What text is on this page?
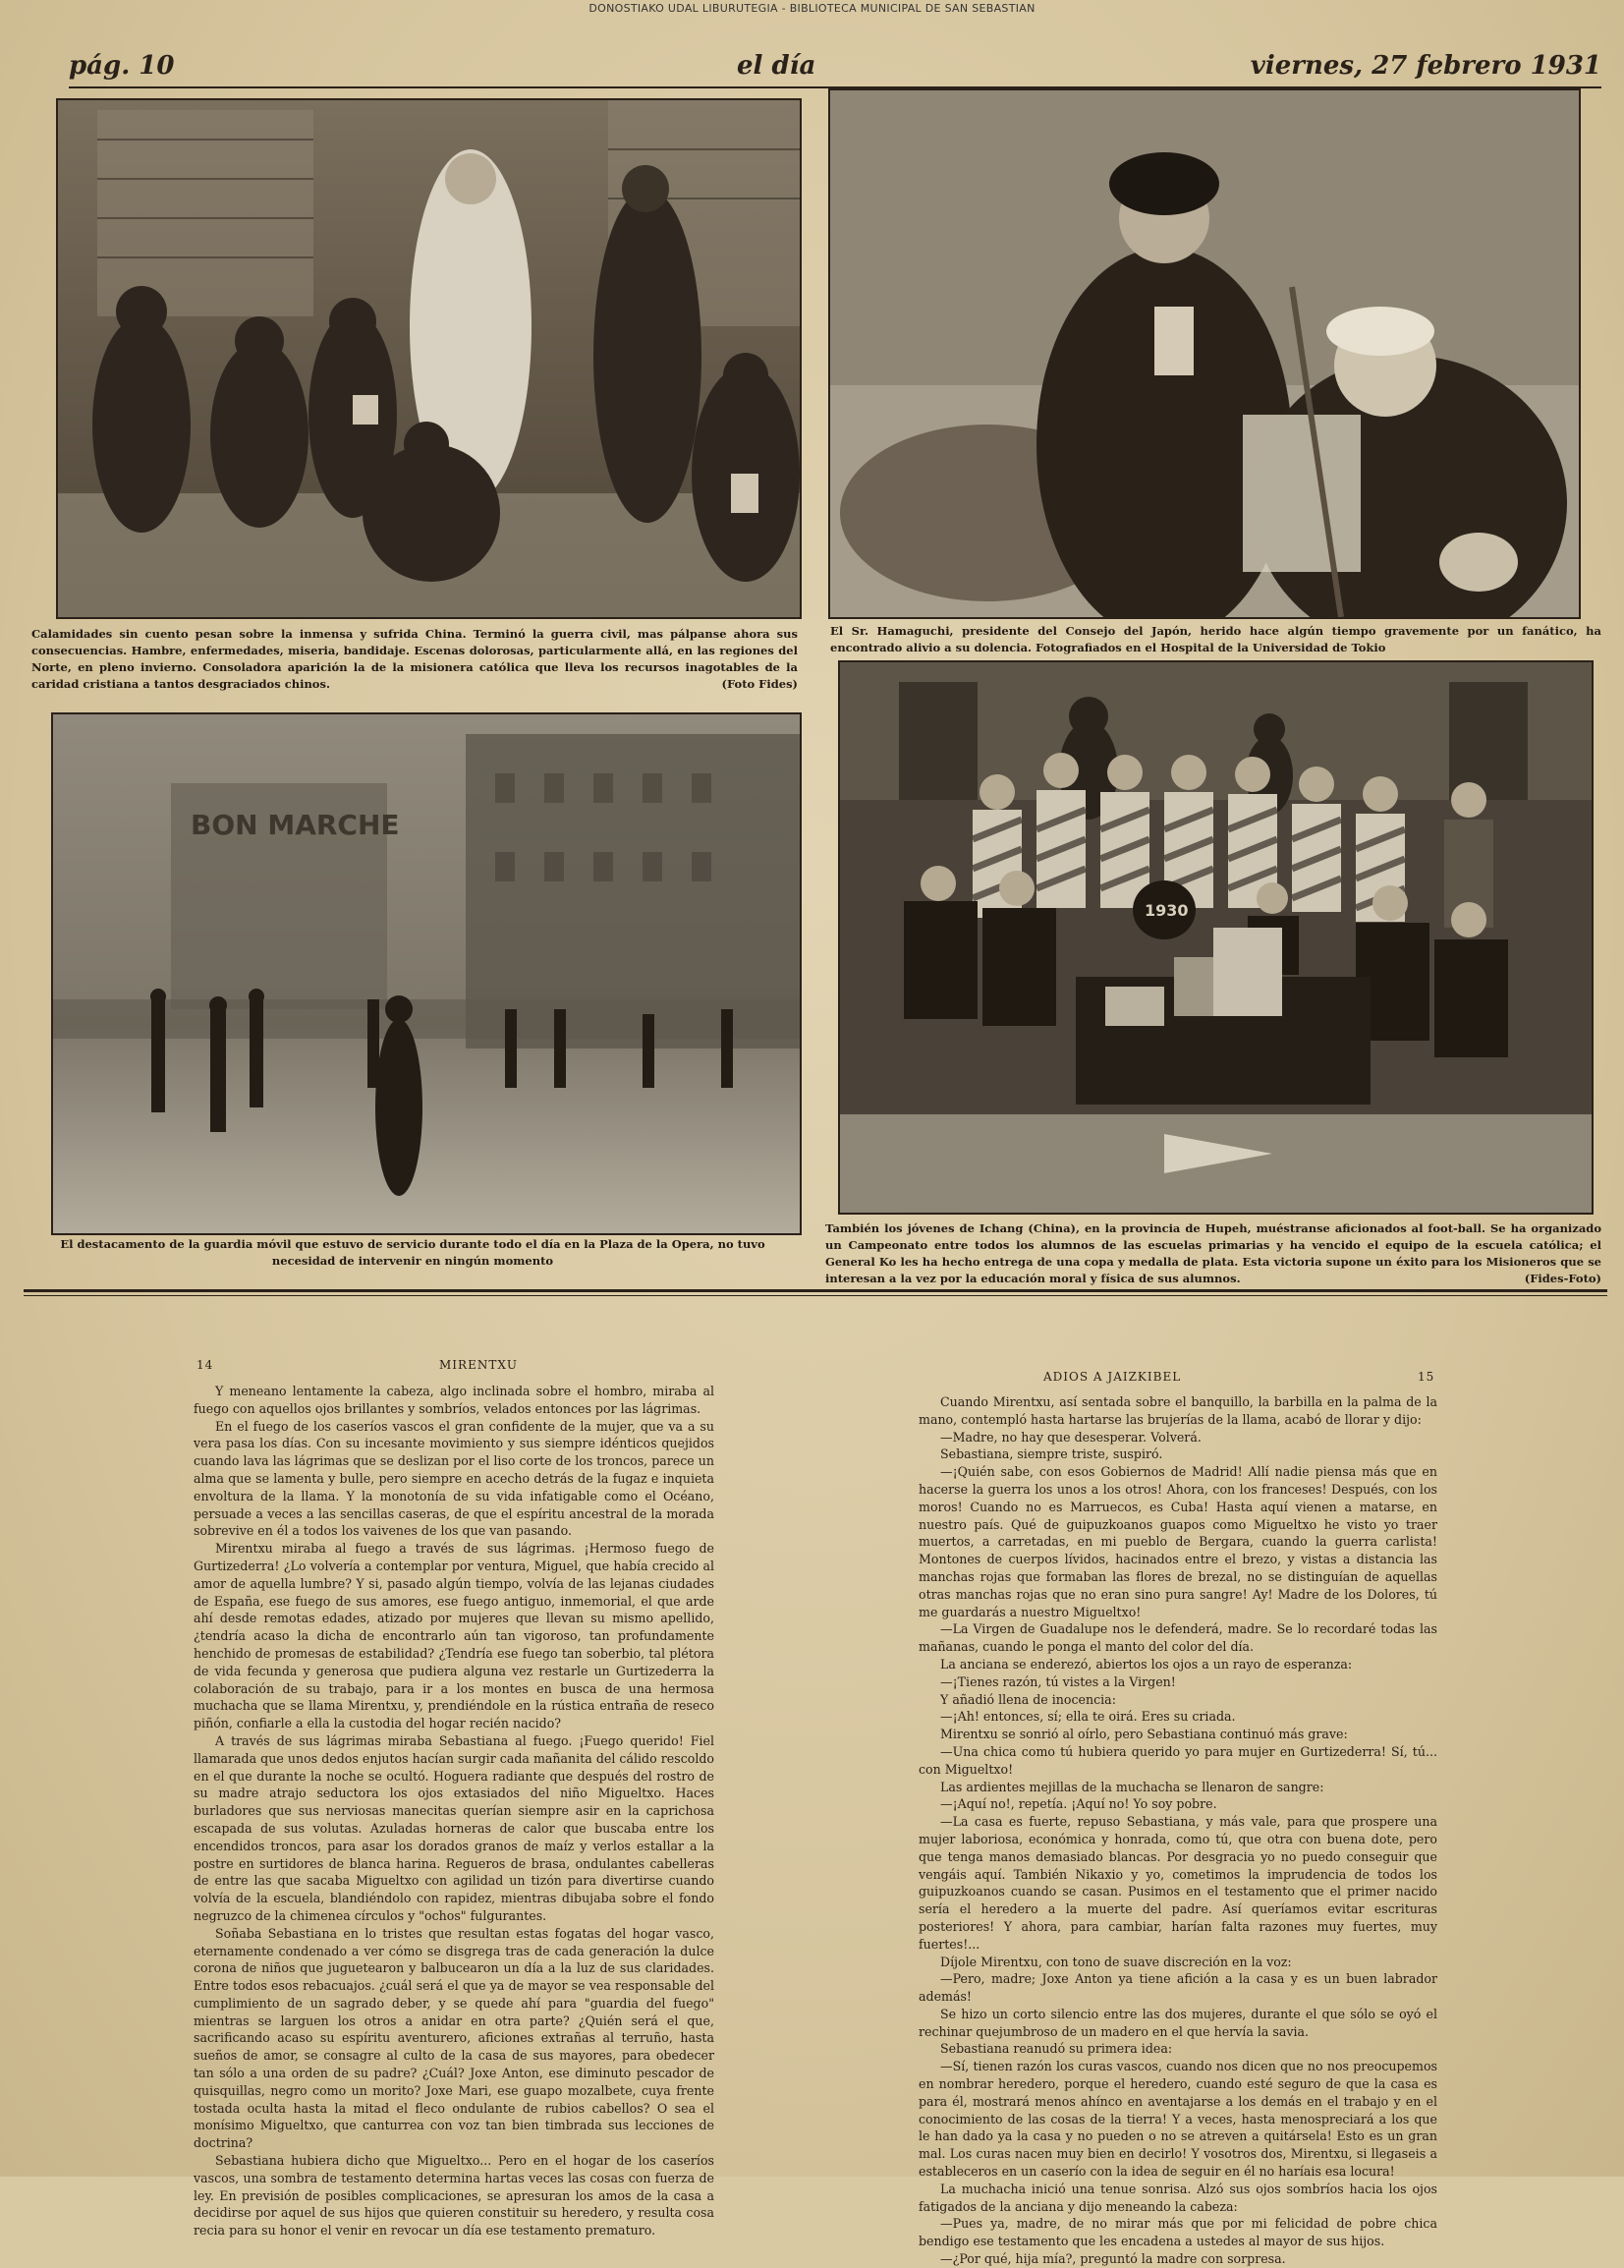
DONOSTIAKO UDAL LIBURUTEGIA - BIBLIOTECA MUNICIPAL DE SAN SEBASTIAN
pág. 10	el día	viernes, 27 febrero 1931

Calamidades sin cuento pesan sobre la inmensa y sufrida China. Terminó la guerra civil, mas pálpanse ahora sus consecuencias. Hambre, enfermedades, miseria, bandidaje. Escenas dolorosas, particularmente allá, en las regiones del Norte, en pleno invierno. Consoladora aparición la de la misionera católica que lleva los recursos inagotables de la caridad cristiana a tantos desgraciados chinos.	(Foto Fides)

El Sr. Hamaguchi, presidente del Consejo del Japón, herido hace algún tiempo gravemente por un fanático, ha encontrado alivio a su dolencia. Fotografiados en el Hospital de la Universidad de Tokio

BON MARCHE

El destacamento de la guardia móvil que estuvo de servicio durante todo el día en la Plaza de la Opera, no tuvo necesidad de intervenir en ningún momento

1930

También los jóvenes de Ichang (China), en la provincia de Hupeh, muéstranse aficionados al foot-ball. Se ha organizado un Campeonato entre todos los alumnos de las escuelas primarias y ha vencido el equipo de la escuela católica; el General Ko les ha hecho entrega de una copa y medalla de plata. Esta victoria supone un éxito para los Misioneros que se interesan a la vez por la educación moral y física de sus alumnos.	(Fides-Foto)

14	MIRENTXU

Y meneano lentamente la cabeza, algo inclinada sobre el hombro, miraba al fuego con aquellos ojos brillantes y sombríos, velados entonces por las lágrimas.

En el fuego de los caseríos vascos el gran confidente de la mujer, que va a su vera pasa los días. Con su incesante movimiento y sus siempre idénticos quejidos cuando lava las lágrimas que se deslizan por el liso corte de los troncos, parece un alma que se lamenta y bulle, pero siempre en acecho detrás de la fugaz e inquieta envoltura de la llama. Y la monotonía de su vida infatigable como el Océano, persuade a veces a las sencillas caseras, de que el espíritu ancestral de la morada sobrevive en él a todos los vaivenes de los que van pasando.

Mirentxu miraba al fuego a través de sus lágrimas. ¡Hermoso fuego de Gurtizederra! ¿Lo volvería a contemplar por ventura, Miguel, que había crecido al amor de aquella lumbre? Y si, pasado algún tiempo, volvía de las lejanas ciudades de España, ese fuego de sus amores, ese fuego antiguo, inmemorial, el que arde ahí desde remotas edades, atizado por mujeres que llevan su mismo apellido, ¿tendría acaso la dicha de encontrarlo aún tan vigoroso, tan profundamente henchido de promesas de estabilidad? ¿Tendría ese fuego tan soberbio, tal plétora de vida fecunda y generosa que pudiera alguna vez restarle un Gurtizederra la colaboración de su trabajo, para ir a los montes en busca de una hermosa muchacha que se llama Mirentxu, y, prendiéndole en la rústica entraña de reseco piñón, confiarle a ella la custodia del hogar recién nacido?

A través de sus lágrimas miraba Sebastiana al fuego. ¡Fuego querido! Fiel llamarada que unos dedos enjutos hacían surgir cada mañanita del cálido rescoldo en el que durante la noche se ocultó. Hoguera radiante que después del rostro de su madre atrajo seductora los ojos extasiados del niño Migueltxo. Haces burladores que sus nerviosas manecitas querían siempre asir en la caprichosa escapada de sus volutas. Azuladas horneras de calor que buscaba entre los encendidos troncos, para asar los dorados granos de maíz y verlos estallar a la postre en surtidores de blanca harina. Regueros de brasa, ondulantes cabelleras de entre las que sacaba Migueltxo con agilidad un tizón para divertirse cuando volvía de la escuela, blandiéndolo con rapidez, mientras dibujaba sobre el fondo negruzco de la chimenea círculos y "ochos" fulgurantes.

Soñaba Sebastiana en lo tristes que resultan estas fogatas del hogar vasco, eternamente condenado a ver cómo se disgrega tras de cada generación la dulce corona de niños que juguetearon y balbucearon un día a la luz de sus claridades. Entre todos esos rebacuajos. ¿cuál será el que ya de mayor se vea responsable del cumplimiento de un sagrado deber, y se quede ahí para "guardia del fuego" mientras se larguen los otros a anidar en otra parte? ¿Quién será el que, sacrificando acaso su espíritu aventurero, aficiones extrañas al terruño, hasta sueños de amor, se consagre al culto de la casa de sus mayores, para obedecer tan sólo a una orden de su padre? ¿Cuál? Joxe Anton, ese diminuto pescador de quisquillas, negro como un morito? Joxe Mari, ese guapo mozalbete, cuya frente tostada oculta hasta la mitad el fleco ondulante de rubios cabellos? O sea el monísimo Migueltxo, que canturrea con voz tan bien timbrada sus lecciones de doctrina?

Sebastiana hubiera dicho que Migueltxo... Pero en el hogar de los caseríos vascos, una sombra de testamento determina hartas veces las cosas con fuerza de ley. En previsión de posibles complicaciones, se apresuran los amos de la casa a decidirse por aquel de sus hijos que quieren constituir su heredero, y resulta cosa recia para su honor el venir en revocar un día ese testamento prematuro.

ADIOS A JAIZKIBEL	15

Cuando Mirentxu, así sentada sobre el banquillo, la barbilla en la palma de la mano, contempló hasta hartarse las brujerías de la llama, acabó de llorar y dijo:

—Madre, no hay que desesperar. Volverá.

Sebastiana, siempre triste, suspiró.

—¡Quién sabe, con esos Gobiernos de Madrid! Allí nadie piensa más que en hacerse la guerra los unos a los otros! Ahora, con los franceses! Después, con los moros! Cuando no es Marruecos, es Cuba! Hasta aquí vienen a matarse, en nuestro país. Qué de guipuzkoanos guapos como Migueltxo he visto yo traer muertos, a carretadas, en mi pueblo de Bergara, cuando la guerra carlista! Montones de cuerpos lívidos, hacinados entre el brezo, y vistas a distancia las manchas rojas que formaban las flores de brezal, no se distinguían de aquellas otras manchas rojas que no eran sino pura sangre! Ay! Madre de los Dolores, tú me guardarás a nuestro Migueltxo!

—La Virgen de Guadalupe nos le defenderá, madre. Se lo recordaré todas las mañanas, cuando le ponga el manto del color del día.

La anciana se enderezó, abiertos los ojos a un rayo de esperanza:

—¡Tienes razón, tú vistes a la Virgen!

Y añadió llena de inocencia:

—¡Ah! entonces, sí; ella te oirá. Eres su criada.

Mirentxu se sonrió al oírlo, pero Sebastiana continuó más grave:

—Una chica como tú hubiera querido yo para mujer en Gurtizederra! Sí, tú... con Migueltxo!

Las ardientes mejillas de la muchacha se llenaron de sangre:

—¡Aquí no!, repetía. ¡Aquí no! Yo soy pobre.

—La casa es fuerte, repuso Sebastiana, y más vale, para que prospere una mujer laboriosa, económica y honrada, como tú, que otra con buena dote, pero que tenga manos demasiado blancas. Por desgracia yo no puedo conseguir que vengáis aquí. También Nikaxio y yo, cometimos la imprudencia de todos los guipuzkoanos cuando se casan. Pusimos en el testamento que el primer nacido sería el heredero a la muerte del padre. Así queríamos evitar escrituras posteriores! Y ahora, para cambiar, harían falta razones muy fuertes, muy fuertes!...

Díjole Mirentxu, con tono de suave discreción en la voz:

—Pero, madre; Joxe Anton ya tiene afición a la casa y es un buen labrador además!

Se hizo un corto silencio entre las dos mujeres, durante el que sólo se oyó el rechinar quejumbroso de un madero en el que hervía la savia.

Sebastiana reanudó su primera idea:

—Sí, tienen razón los curas vascos, cuando nos dicen que no nos preocupemos en nombrar heredero, porque el heredero, cuando esté seguro de que la casa es para él, mostrará menos ahínco en aventajarse a los demás en el trabajo y en el conocimiento de las cosas de la tierra! Y a veces, hasta menospreciará a los que le han dado ya la casa y no pueden o no se atreven a quitársela! Esto es un gran mal. Los curas nacen muy bien en decirlo! Y vosotros dos, Mirentxu, si llegaseis a estableceros en un caserío con la idea de seguir en él no haríais esa locura!

La muchacha inició una tenue sonrisa. Alzó sus ojos sombríos hacia los ojos fatigados de la anciana y dijo meneando la cabeza:

—Pues ya, madre, de no mirar más que por mi felicidad de pobre chica bendigo ese testamento que les encadena a ustedes al mayor de sus hijos.

—¿Por qué, hija mía?, preguntó la madre con sorpresa.
